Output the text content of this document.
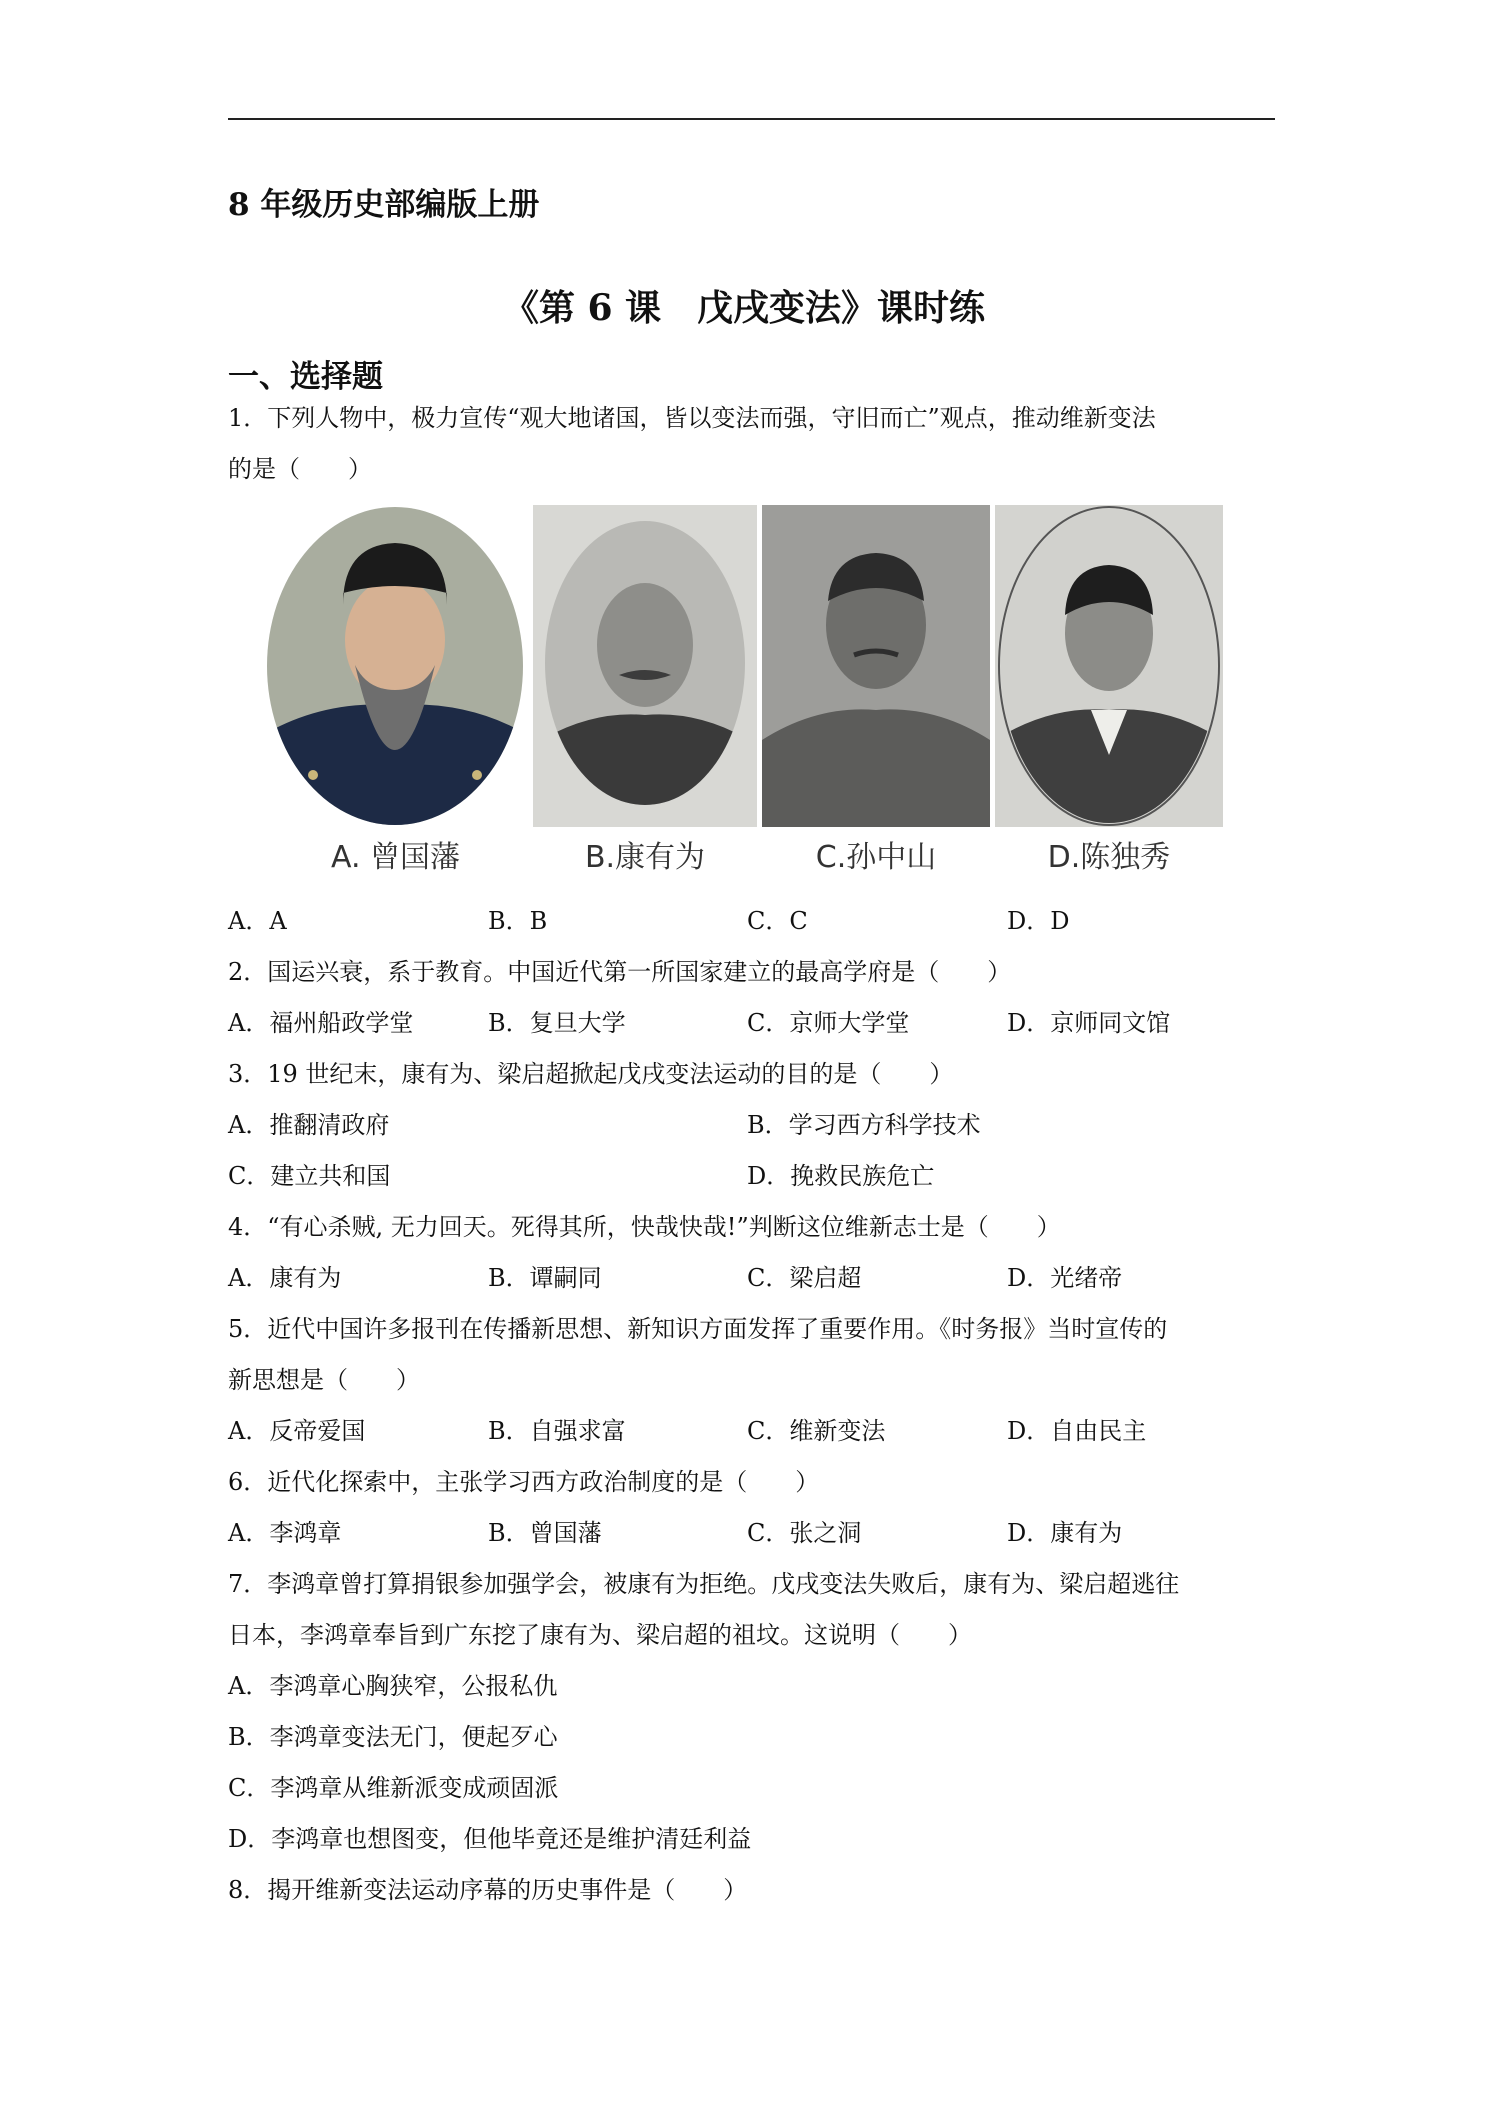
8 年级历史部编版上册
《第 6 课　戊戌变法》课时练
一、选择题
1．下列人物中，极力宣传“观大地诸国，皆以变法而强，守旧而亡”观点，推动维新变法
的是（　　）
A. 曾国藩	B.康有为	C.孙中山	D.陈独秀
A．A	B．B	C．C	D．D
2．国运兴衰，系于教育。中国近代第一所国家建立的最高学府是（　　）
A．福州船政学堂	B．复旦大学	C．京师大学堂	D．京师同文馆
3．19 世纪末，康有为、梁启超掀起戊戌变法运动的目的是（　　）
A．推翻清政府	B．学习西方科学技术
C．建立共和国	D．挽救民族危亡
4．“有心杀贼, 无力回天。死得其所，快哉快哉!”判断这位维新志士是（　　）
A．康有为	B．谭嗣同	C．梁启超	D．光绪帝
5．近代中国许多报刊在传播新思想、新知识方面发挥了重要作用。《时务报》当时宣传的
新思想是（　　）
A．反帝爱国	B．自强求富	C．维新变法	D．自由民主
6．近代化探索中，主张学习西方政治制度的是（　　）
A．李鸿章	B．曾国藩	C．张之洞	D．康有为
7．李鸿章曾打算捐银参加强学会，被康有为拒绝。戊戌变法失败后，康有为、梁启超逃往
日本，李鸿章奉旨到广东挖了康有为、梁启超的祖坟。这说明（　　）
A．李鸿章心胸狭窄，公报私仇
B．李鸿章变法无门，便起歹心
C．李鸿章从维新派变成顽固派
D．李鸿章也想图变，但他毕竟还是维护清廷利益
8．揭开维新变法运动序幕的历史事件是（　　）
